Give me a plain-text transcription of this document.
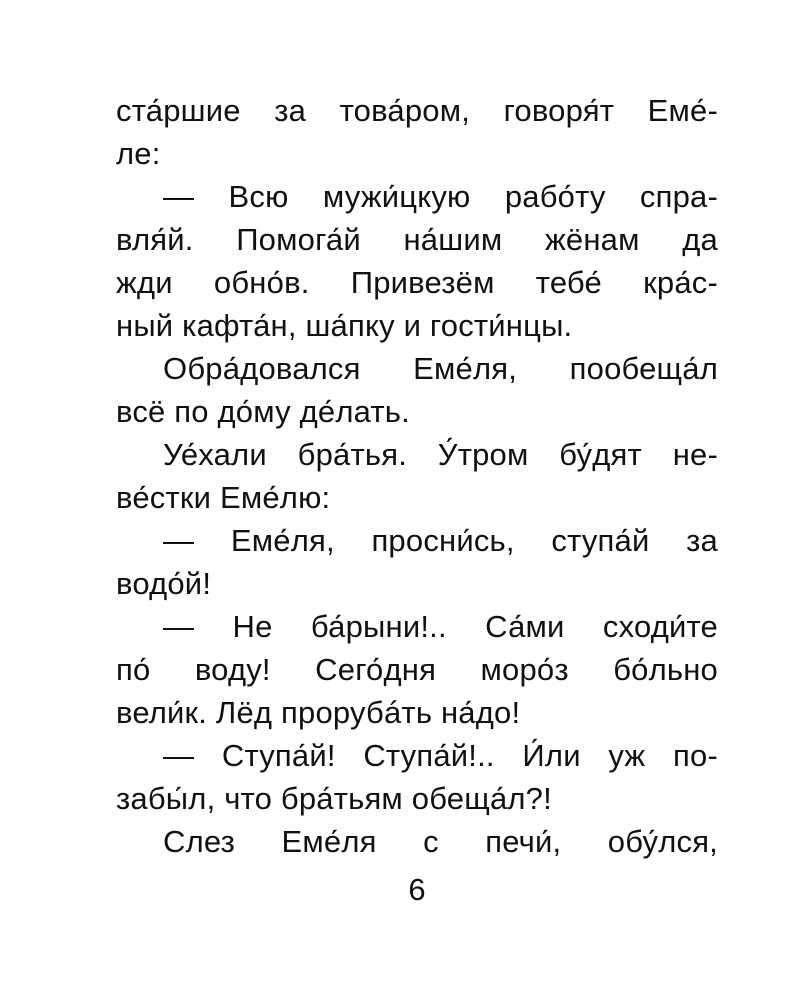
ста́ршие за това́ром, говоря́т Еме́-
ле:
— Всю мужи́цкую рабо́ту спра-
вля́й. Помога́й на́шим жёнам да
жди обно́в. Привезём тебе́ кра́с-
ный кафта́н, ша́пку и гости́нцы.
Обра́довался Еме́ля, пообеща́л
всё по до́му де́лать.
Уе́хали бра́тья. У́тром бу́дят не-
ве́стки Еме́лю:
— Еме́ля, просни́сь, ступа́й за
водо́й!
— Не ба́рыни!.. Са́ми сходи́те
по́ воду! Сего́дня моро́з бо́льно
вели́к. Лёд прорубáть на́до!
— Ступа́й! Ступа́й!.. И́ли уж по-
забы́л, что бра́тьям обеща́л?!
Слез Еме́ля с печи́, обу́лся,
6
